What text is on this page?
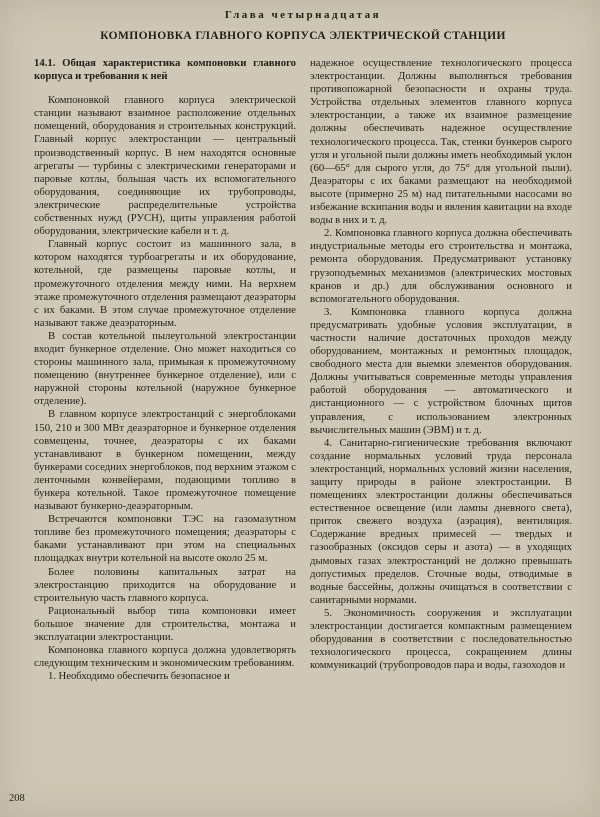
Глава четырнадцатая
КОМПОНОВКА ГЛАВНОГО КОРПУСА ЭЛЕКТРИЧЕСКОЙ СТАНЦИИ

14.1. Общая характеристика компоновки главного корпуса и требования к ней

Компоновкой главного корпуса электрической станции называют взаимное расположение отдельных помещений, оборудования и строительных конструкций. Главный корпус электростанции — центральный производственный корпус. В нем находятся основные агрегаты — турбины с электрическими генераторами и паровые котлы, большая часть их вспомогательного оборудования, соединяющие их трубопроводы, электрические распределительные устройства собственных нужд (РУСН), щиты управления работой оборудования, электрические кабели и т. д.

Главный корпус состоит из машинного зала, в котором находятся турбоагрегаты и их оборудование, котельной, где размещены паровые котлы, и промежуточного отделения между ними. На верхнем этаже промежуточного отделения размещают деаэраторы с их баками. В этом случае промежуточное отделение называют также деаэраторным.

В состав котельной пылеугольной электростанции входит бункерное отделение. Оно может находиться со стороны машинного зала, примыкая к промежуточному помещению (внутреннее бункерное отделение), или с наружной стороны котельной (наружное бункерное отделение).

В главном корпусе электростанций с энергоблоками 150, 210 и 300 МВт деаэраторное и бункерное отделения совмещены, точнее, деаэраторы с их баками устанавливают в бункерном помещении, между бункерами соседних энергоблоков, под верхним этажом с ленточными конвейерами, подающими топливо в бункера котельной. Такое промежуточное помещение называют бункерно-деаэраторным.

Встречаются компоновки ТЭС на газомазутном топливе без промежуточного помещения; деаэраторы с баками устанавливают при этом на специальных площадках внутри котельной на высоте около 25 м.

Более половины капитальных затрат на электростанцию приходится на оборудование и строительную часть главного корпуса.

Рациональный выбор типа компоновки имеет большое значение для строительства, монтажа и эксплуатации электростанции.

Компоновка главного корпуса должна удовлетворять следующим техническим и экономическим требованиям.

1. Необходимо обеспечить безопасное и

надежное осуществление технологического процесса электростанции. Должны выполняться требования противопожарной безопасности и охраны труда. Устройства отдельных элементов главного корпуса электростанции, а также их взаимное размещение должны обеспечивать надежное осуществление технологического процесса. Так, стенки бункеров сырого угля и угольной пыли должны иметь необходимый уклон (60—65° для сырого угля, до 75° для угольной пыли). Деаэраторы с их баками размещают на необходимой высоте (примерно 25 м) над питательными насосами во избежание вскипания воды и явления кавитации на входе воды в них и т. д.

2. Компоновка главного корпуса должна обеспечивать индустриальные методы его строительства и монтажа, ремонта оборудования. Предусматривают установку грузоподъемных механизмов (электрических мостовых кранов и др.) для обслуживания основного и вспомогательного оборудования.

3. Компоновка главного корпуса должна предусматривать удобные условия эксплуатации, в частности наличие достаточных проходов между оборудованием, монтажных и ремонтных площадок, свободного места для выемки элементов оборудования. Должны учитываться современные методы управления работой оборудования — автоматического и дистанционного — с устройством блочных щитов управления, с использованием электронных вычислительных машин (ЭВМ) и т. д.

4. Санитарно-гигиенические требования включают создание нормальных условий труда персонала электростанций, нормальных условий жизни населения, защиту природы в районе электростанции. В помещениях электростанции должны обеспечиваться естественное освещение (или лампы дневного света), приток свежего воздуха (аэрация), вентиляция. Содержание вредных примесей — твердых и газообразных (оксидов серы и азота) — в уходящих дымовых газах электростанций не должно превышать допустимых пределов. Сточные воды, отводимые в водные бассейны, должны очищаться в соответствии с санитарными нормами.

5. Экономичность сооружения и эксплуатации электростанции достигается компактным размещением оборудования в соответствии с последовательностью технологического процесса, сокращением длины коммуникаций (трубопроводов пара и воды, газоходов и

208
